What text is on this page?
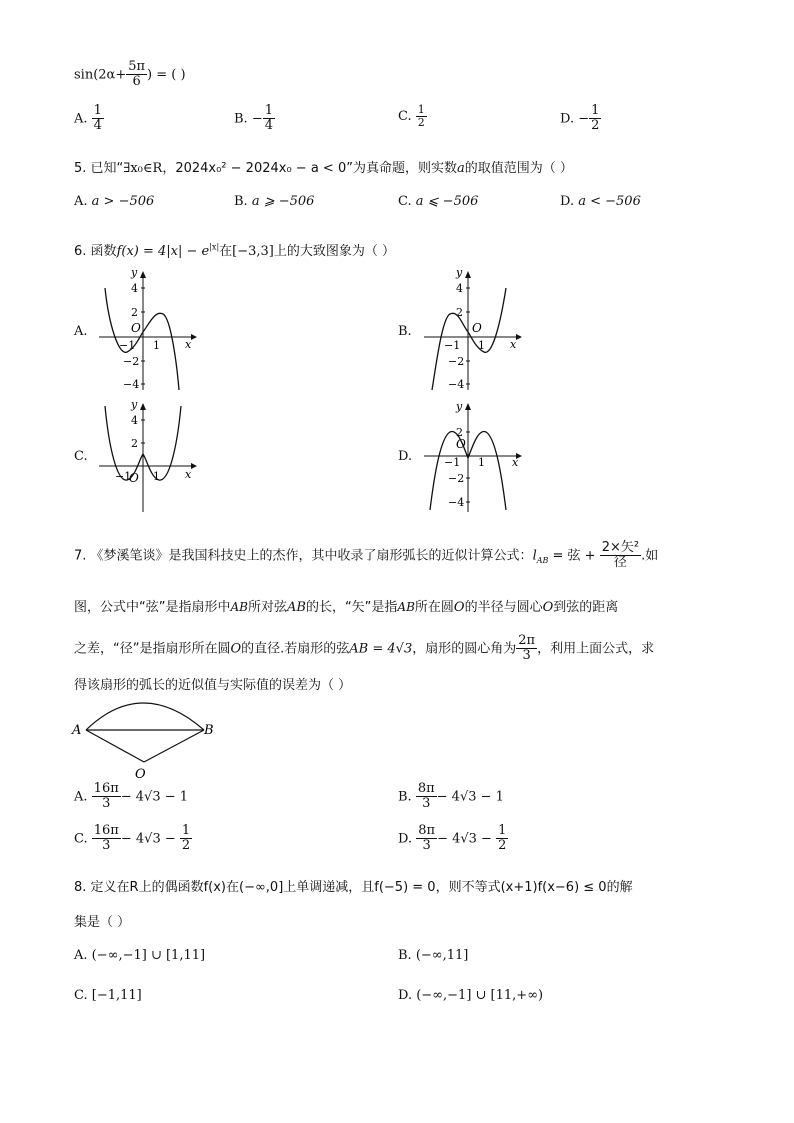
$\sin(2\alpha+ \frac{5\pi}{6}$ ) = ( )
A. $\frac{1}{4}$	B. − $\frac{1}{4}$	C. $\frac{1}{2}$	D. − $\frac{1}{2}$
5. 已知“∃x₀∈R，2024x₀² − 2024x₀ − a < 0”为真命题，则实数a的取值范围为（ ）
A. a > −506	B. a ⩾ −506	C. a ⩽ −506	D. a < −506
6. 函数$f(x) = 4|x| - e^{|x|}$在[−3,3]上的大致图象为（ ）
A.	B.
C.	D.
y
x
O
4
2
−2
−4
−1 1
y
x
O
4
2
−2
−4
−1 1
y
x
O
4
2
−1 1
y
x
O
2
−2
−4
−1 1
7. 《梦溪笔谈》是我国科技史上的杰作，其中收录了扇形弧长的近似计算公式：$l_{AB}$ = 弦 + $\frac{\text{2×矢²}}{\text{径}}$ .如
图，公式中“弦”是指扇形中AB所对弦AB的长，“矢”是指AB所在圆O的半径与圆心O到弦的距离
之差，“径”是指扇形所在圆O的直径.若扇形的弦AB = 4√3，扇形的圆心角为 $\frac{2\pi}{3}$ ，利用上面公式，求
得该扇形的弧长的近似值与实际值的误差为（ ）
A	B
O
A. $\frac{16\pi}{3} - 4√3 - 1$	B. $\frac{8\pi}{3} - 4√3 - 1$
C. $\frac{16\pi}{3} - 4√3 - \frac{1}{2}$	D. $\frac{8\pi}{3} - 4√3 - \frac{1}{2}$
8. 定义在R上的偶函数f(x)在(−∞,0]上单调递减，且f(−5) = 0，则不等式(x+1)f(x−6) ≤ 0的解
集是（ ）
A. (−∞,−1] ∪ [1,11]	B. (−∞,11]
C. [−1,11]	D. (−∞,−1] ∪ [11,+∞)
